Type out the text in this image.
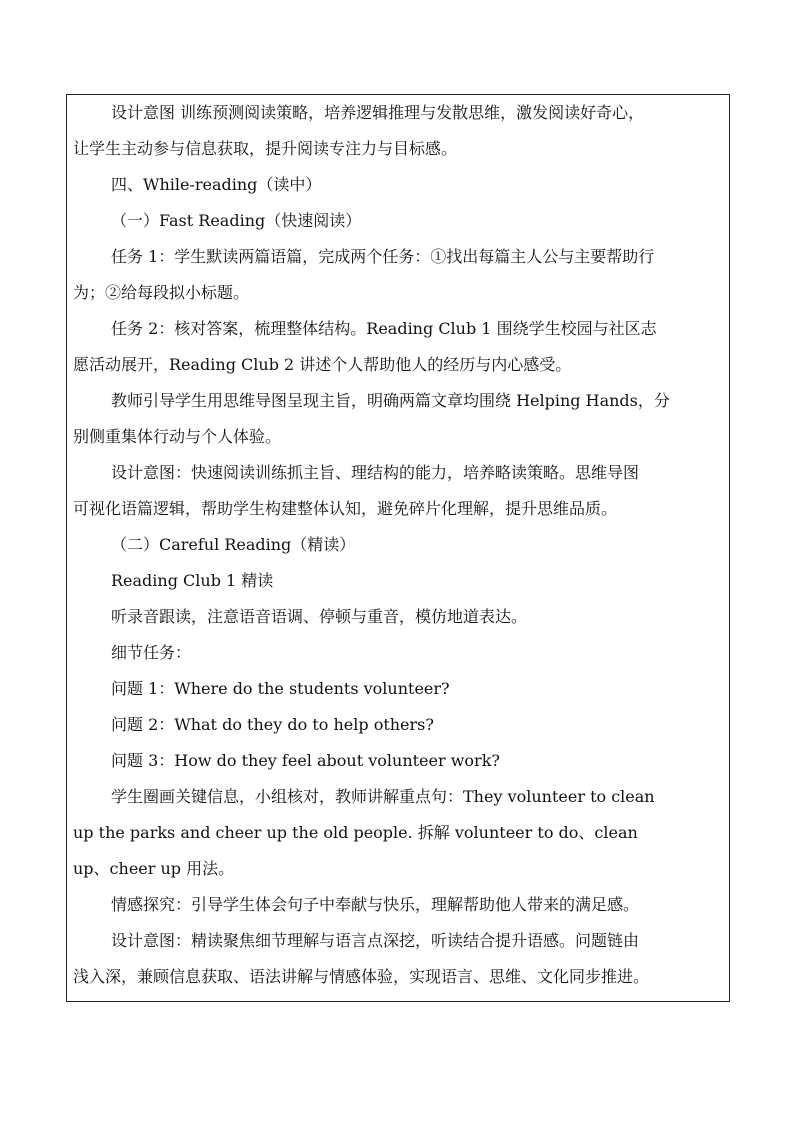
设计意图 训练预测阅读策略，培养逻辑推理与发散思维，激发阅读好奇心，
让学生主动参与信息获取，提升阅读专注力与目标感。
四、While-reading（读中）
（一）Fast Reading（快速阅读）
任务 1：学生默读两篇语篇，完成两个任务：①找出每篇主人公与主要帮助行
为；②给每段拟小标题。
任务 2：核对答案，梳理整体结构。Reading Club 1 围绕学生校园与社区志
愿活动展开，Reading Club 2 讲述个人帮助他人的经历与内心感受。
教师引导学生用思维导图呈现主旨，明确两篇文章均围绕 Helping Hands，分
别侧重集体行动与个人体验。
设计意图：快速阅读训练抓主旨、理结构的能力，培养略读策略。思维导图
可视化语篇逻辑，帮助学生构建整体认知，避免碎片化理解，提升思维品质。
（二）Careful Reading（精读）
Reading Club 1 精读
听录音跟读，注意语音语调、停顿与重音，模仿地道表达。
细节任务：
问题 1：Where do the students volunteer?
问题 2：What do they do to help others?
问题 3：How do they feel about volunteer work?
学生圈画关键信息，小组核对，教师讲解重点句：They volunteer to clean
up the parks and cheer up the old people. 拆解 volunteer to do、clean
up、cheer up 用法。
情感探究：引导学生体会句子中奉献与快乐，理解帮助他人带来的满足感。
设计意图：精读聚焦细节理解与语言点深挖，听读结合提升语感。问题链由
浅入深，兼顾信息获取、语法讲解与情感体验，实现语言、思维、文化同步推进。
